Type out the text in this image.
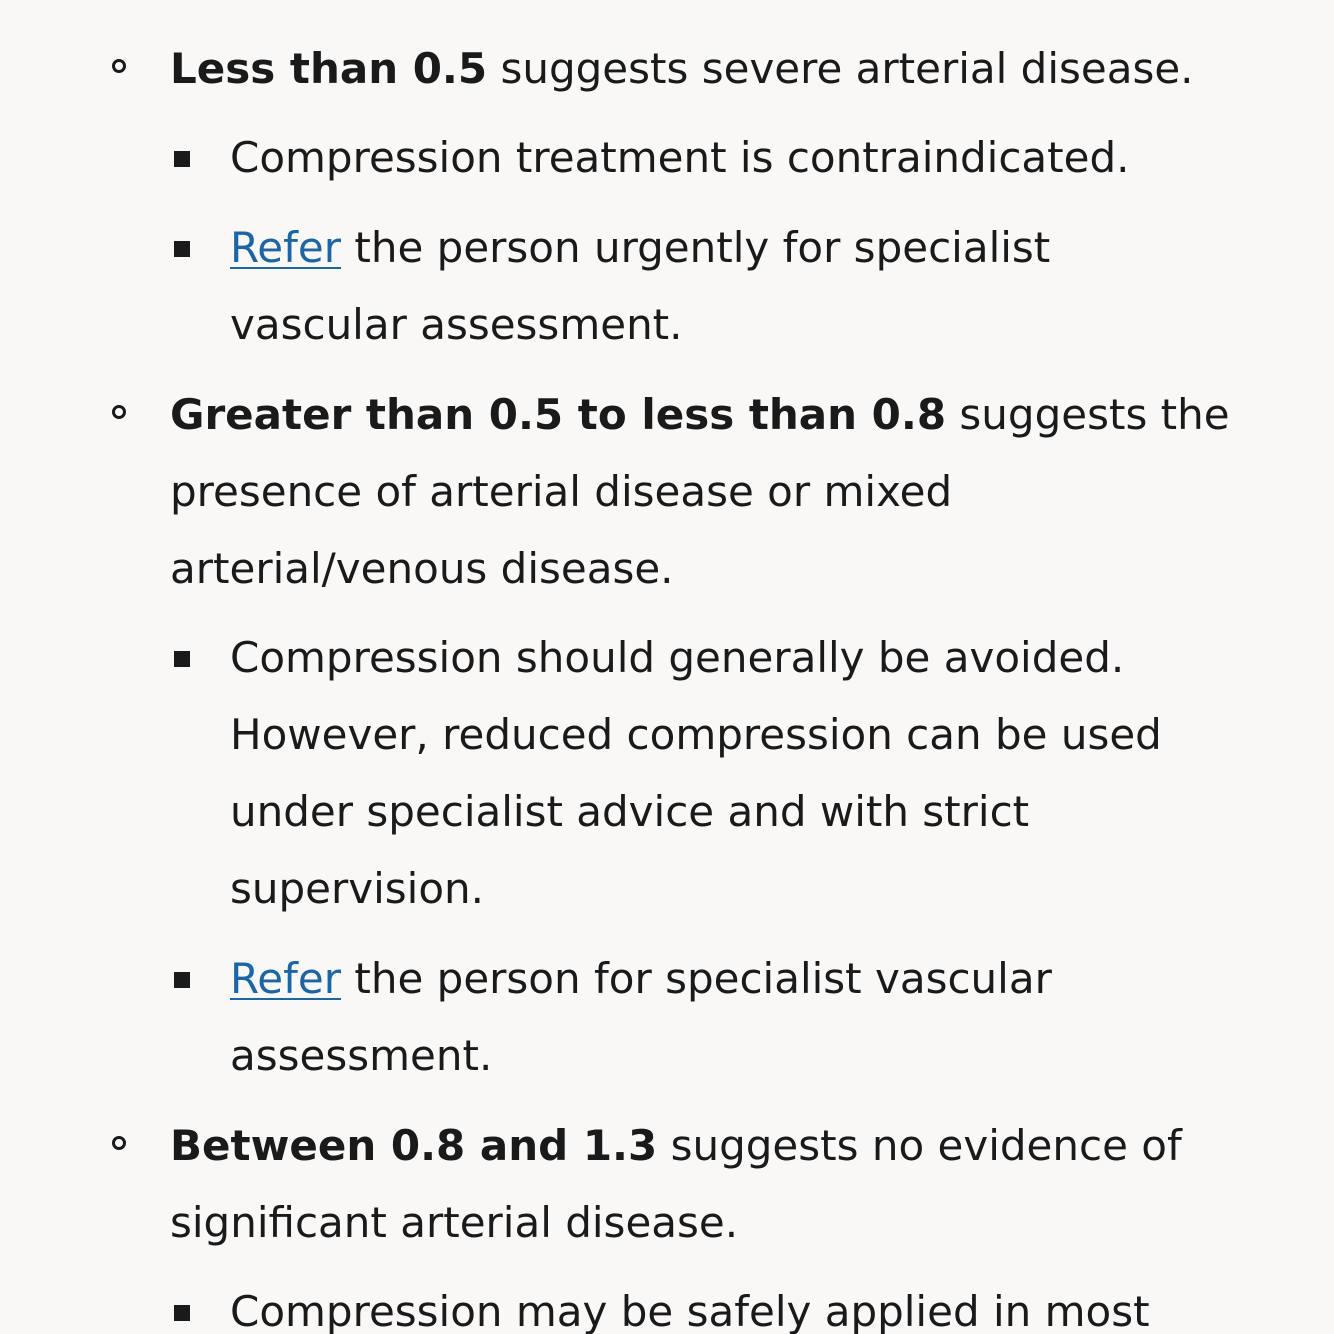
Less than 0.5 suggests severe arterial disease.
Compression treatment is contraindicated.
Refer the person urgently for specialist vascular assessment.
Greater than 0.5 to less than 0.8 suggests the presence of arterial disease or mixed arterial/venous disease.
Compression should generally be avoided. However, reduced compression can be used under specialist advice and with strict supervision.
Refer the person for specialist vascular assessment.
Between 0.8 and 1.3 suggests no evidence of significant arterial disease.
Compression may be safely applied in most
